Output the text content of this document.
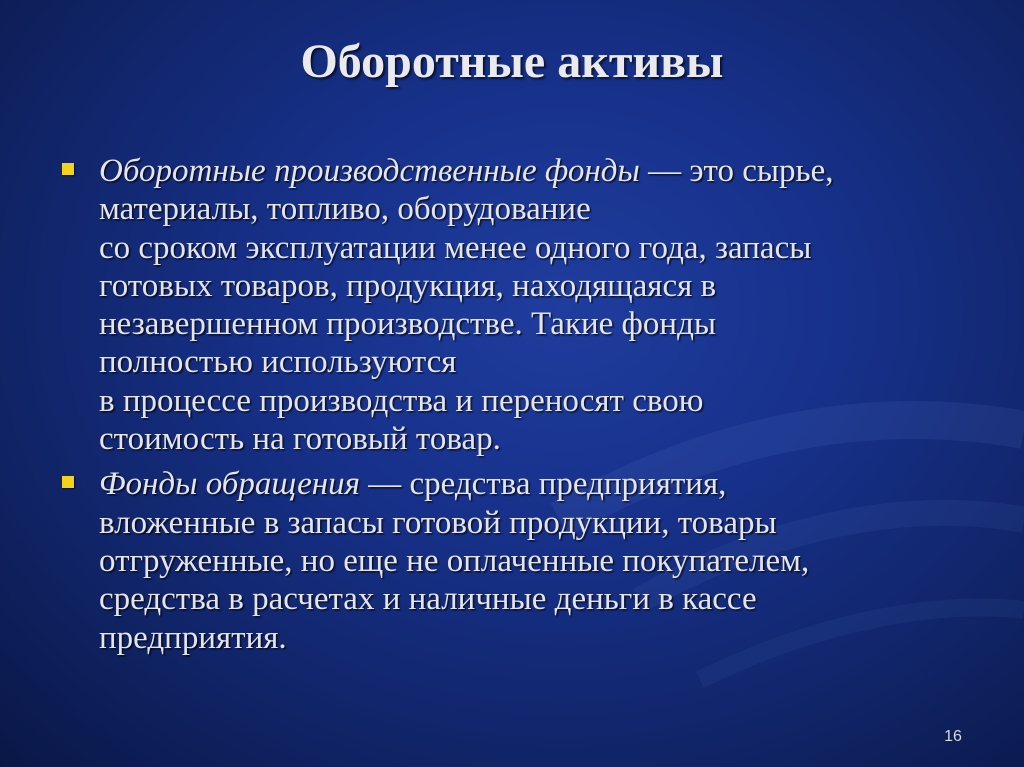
Оборотные активы
Оборотные производственные фонды — это сырье,
материалы, топливо, оборудование
со сроком эксплуатации менее одного года, запасы
готовых товаров, продукция, находящаяся в
незавершенном производстве. Такие фонды
полностью используются
в процессе производства и переносят свою
стоимость на готовый товар.
Фонды обращения — средства предприятия,
вложенные в запасы готовой продукции, товары
отгруженные, но еще не оплаченные покупателем,
средства в расчетах и наличные деньги в кассе
предприятия.
16
